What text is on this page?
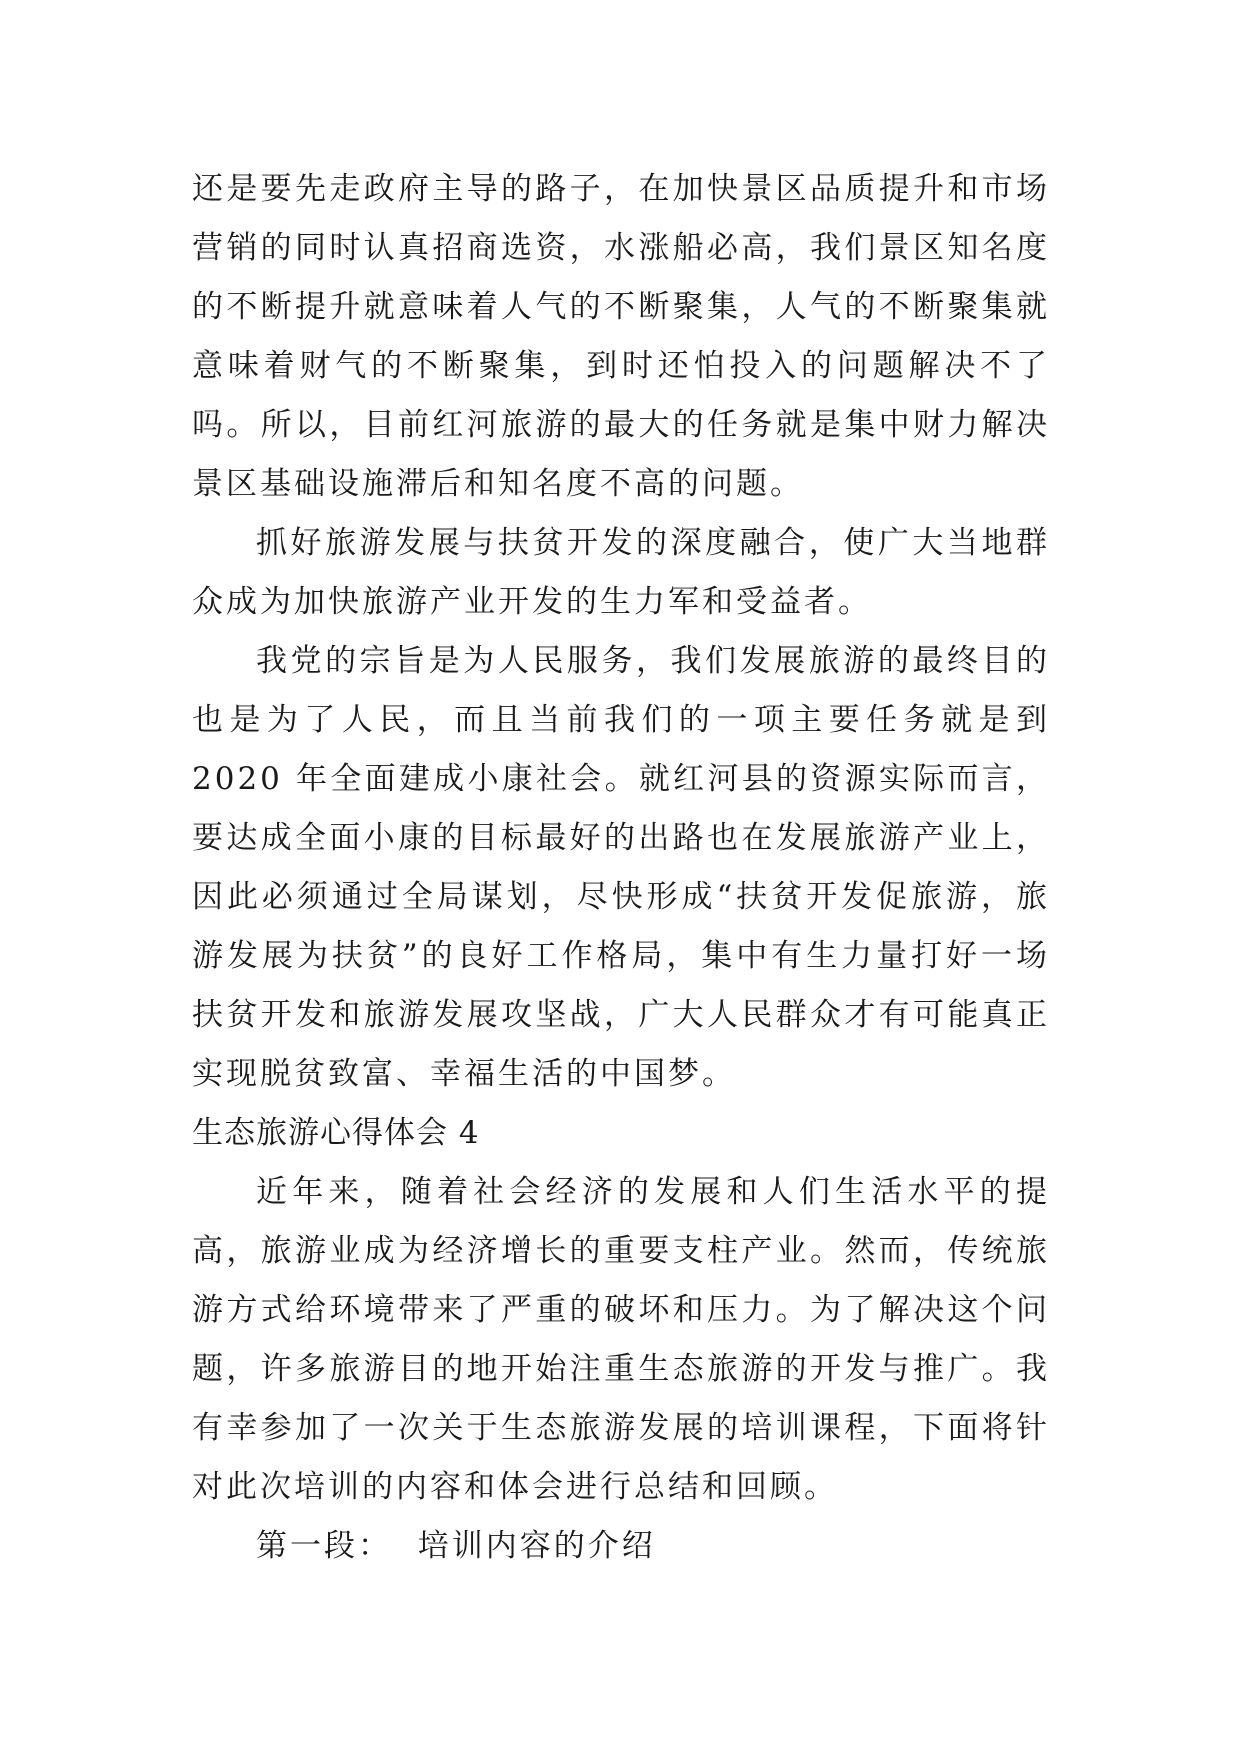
还是要先走政府主导的路子，在加快景区品质提升和市场营销的同时认真招商选资，水涨船必高，我们景区知名度的不断提升就意味着人气的不断聚集，人气的不断聚集就意味着财气的不断聚集，到时还怕投入的问题解决不了吗。所以，目前红河旅游的最大的任务就是集中财力解决景区基础设施滞后和知名度不高的问题。

抓好旅游发展与扶贫开发的深度融合，使广大当地群众成为加快旅游产业开发的生力军和受益者。

我党的宗旨是为人民服务，我们发展旅游的最终目的也是为了人民，而且当前我们的一项主要任务就是到 2020 年全面建成小康社会。就红河县的资源实际而言，要达成全面小康的目标最好的出路也在发展旅游产业上，因此必须通过全局谋划，尽快形成“扶贫开发促旅游，旅游发展为扶贫”的良好工作格局，集中有生力量打好一场扶贫开发和旅游发展攻坚战，广大人民群众才有可能真正实现脱贫致富、幸福生活的中国梦。

生态旅游心得体会 4

近年来，随着社会经济的发展和人们生活水平的提高，旅游业成为经济增长的重要支柱产业。然而，传统旅游方式给环境带来了严重的破坏和压力。为了解决这个问题，许多旅游目的地开始注重生态旅游的开发与推广。我有幸参加了一次关于生态旅游发展的培训课程，下面将针对此次培训的内容和体会进行总结和回顾。

第一段：  培训内容的介绍
